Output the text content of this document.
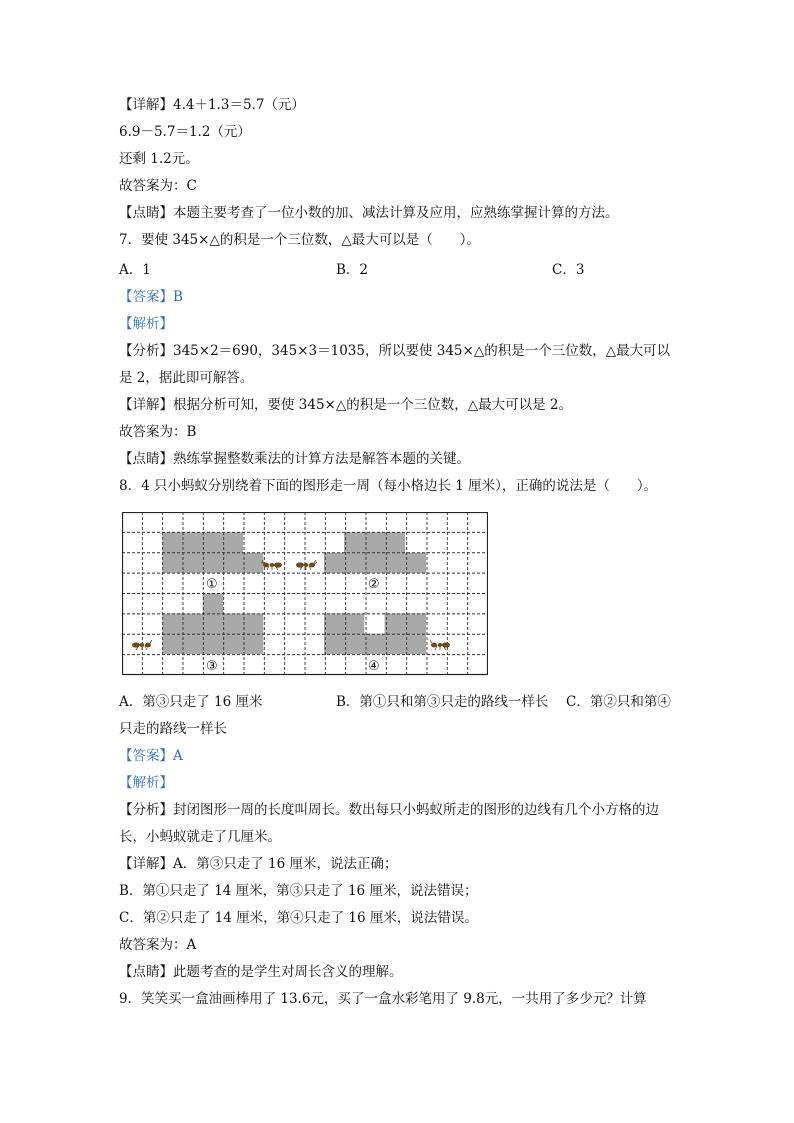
【详解】4.4＋1.3＝5.7（元）
6.9－5.7＝1.2（元）
还剩 1.2元。
故答案为：C
【点睛】本题主要考查了一位小数的加、减法计算及应用，应熟练掌握计算的方法。
7．要使 345×△的积是一个三位数，△最大可以是（　　）。
A．1	B．2	C．3
【答案】B
【解析】
【分析】345×2＝690，345×3＝1035，所以要使 345×△的积是一个三位数，△最大可以
是 2，据此即可解答。
【详解】根据分析可知，要使 345×△的积是一个三位数，△最大可以是 2。
故答案为：B
【点睛】熟练掌握整数乘法的计算方法是解答本题的关键。
8．4 只小蚂蚁分别绕着下面的图形走一周（每小格边长 1 厘米），正确的说法是（　　）。
①	②
③	④
A．第③只走了 16 厘米	B．第①只和第③只走的路线一样长 C．第②只和第④
只走的路线一样长
【答案】A
【解析】
【分析】封闭图形一周的长度叫周长。数出每只小蚂蚁所走的图形的边线有几个小方格的边
长，小蚂蚁就走了几厘米。
【详解】A．第③只走了 16 厘米，说法正确；
B．第①只走了 14 厘米，第③只走了 16 厘米，说法错误；
C．第②只走了 14 厘米，第④只走了 16 厘米，说法错误。
故答案为：A
【点睛】此题考查的是学生对周长含义的理解。
9．笑笑买一盒油画棒用了 13.6元，买了一盒水彩笔用了 9.8元，一共用了多少元？计算
